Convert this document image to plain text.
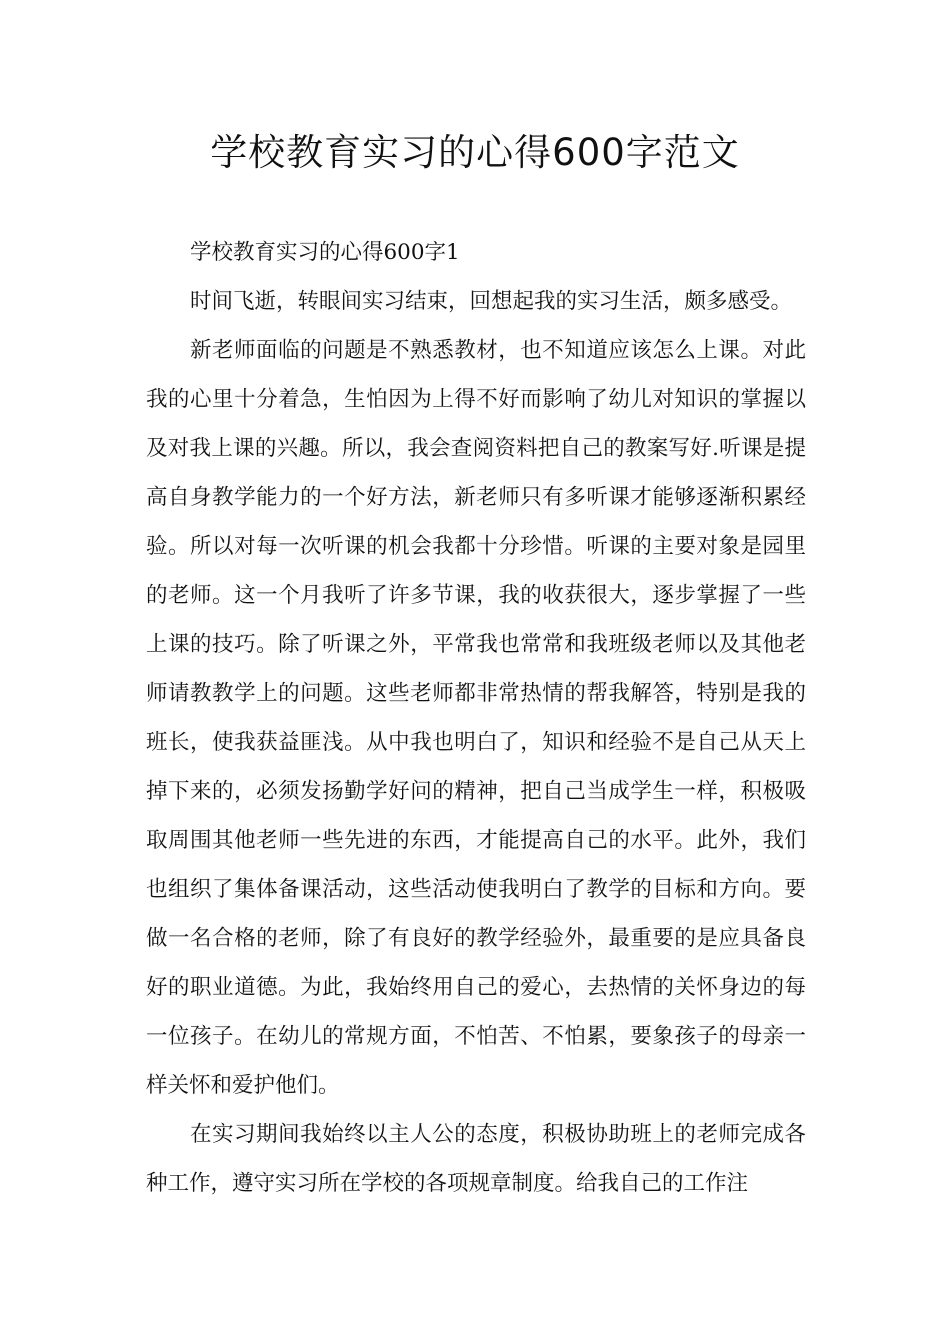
学校教育实习的心得600字范文

学校教育实习的心得600字1

时间飞逝，转眼间实习结束，回想起我的实习生活，颇多感受。

新老师面临的问题是不熟悉教材，也不知道应该怎么上课。对此我的心里十分着急，生怕因为上得不好而影响了幼儿对知识的掌握以及对我上课的兴趣。所以，我会查阅资料把自己的教案写好.听课是提高自身教学能力的一个好方法，新老师只有多听课才能够逐渐积累经验。所以对每一次听课的机会我都十分珍惜。听课的主要对象是园里的老师。这一个月我听了许多节课，我的收获很大，逐步掌握了一些上课的技巧。除了听课之外，平常我也常常和我班级老师以及其他老师请教教学上的问题。这些老师都非常热情的帮我解答，特别是我的班长，使我获益匪浅。从中我也明白了，知识和经验不是自己从天上掉下来的，必须发扬勤学好问的精神，把自己当成学生一样，积极吸取周围其他老师一些先进的东西，才能提高自己的水平。此外，我们也组织了集体备课活动，这些活动使我明白了教学的目标和方向。要做一名合格的老师，除了有良好的教学经验外，最重要的是应具备良好的职业道德。为此，我始终用自己的爱心，去热情的关怀身边的每一位孩子。在幼儿的常规方面，不怕苦、不怕累，要象孩子的母亲一样关怀和爱护他们。

在实习期间我始终以主人公的态度，积极协助班上的老师完成各种工作，遵守实习所在学校的各项规章制度。给我自己的工作注
